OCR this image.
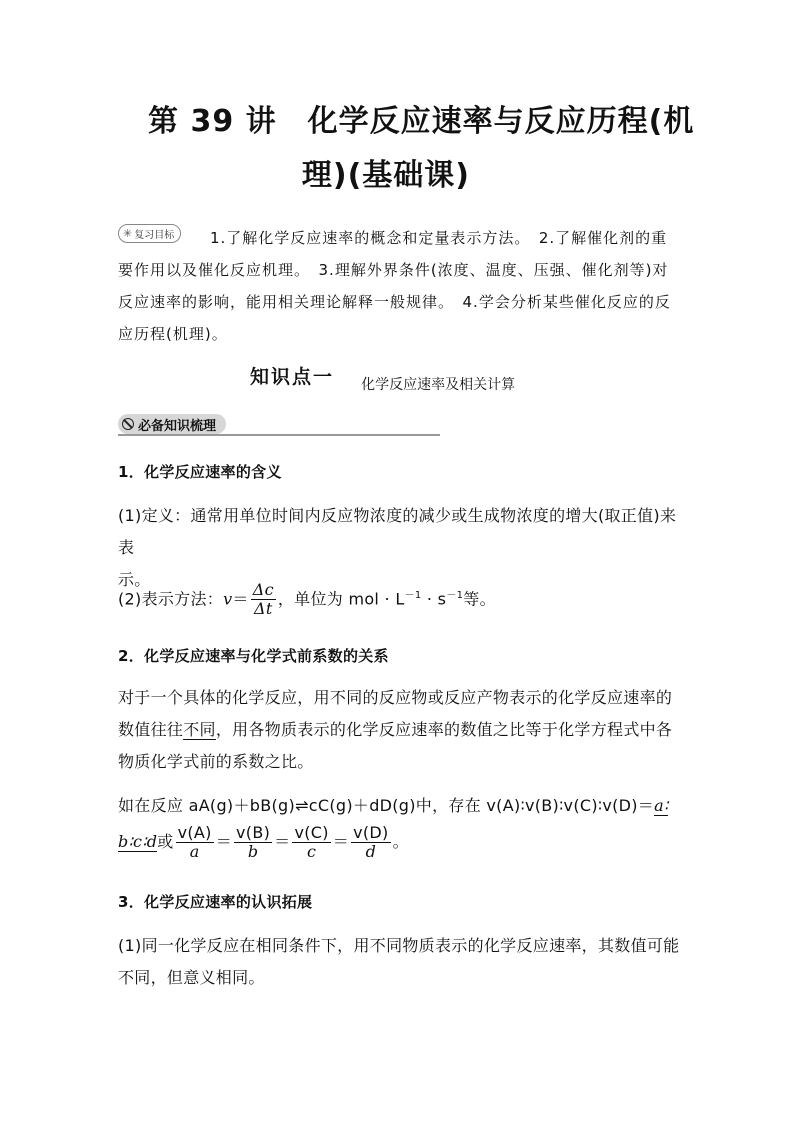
第 39 讲　化学反应速率与反应历程(机
理)(基础课)
1.了解化学反应速率的概念和定量表示方法。　2.了解催化剂的重
要作用以及催化反应机理。　3.理解外界条件(浓度、温度、压强、催化剂等)对
反应速率的影响，能用相关理论解释一般规律。　4.学会分析某些催化反应的反
应历程(机理)。
✳ 复习目标
知识点一 化学反应速率及相关计算
必备知识梳理
1．化学反应速率的含义
(1)定义：通常用单位时间内反应物浓度的减少或生成物浓度的增大(取正值)来表
示。
(2)表示方法：$v= \frac{\Delta c}{\Delta t}$ ，单位为 mol · $L^{-1} \cdot s^{-1}$等。
2．化学反应速率与化学式前系数的关系
对于一个具体的化学反应，用不同的反应物或反应产物表示的化学反应速率的
数值往往不同，用各物质表示的化学反应速率的数值之比等于化学方程式中各
物质化学式前的系数之比。
如在反应 aA(g)＋bB(g)⇌cC(g)＋dD(g)中，存在 v(A)∶v(B)∶v(C)∶v(D)＝a∶
b∶c∶d或 $\frac{v(A)}{a} = \frac{v(B)}{b} = \frac{v(C)}{c} = \frac{v(D)}{d}$ 。
3．化学反应速率的认识拓展
(1)同一化学反应在相同条件下，用不同物质表示的化学反应速率，其数值可能
不同，但意义相同。
